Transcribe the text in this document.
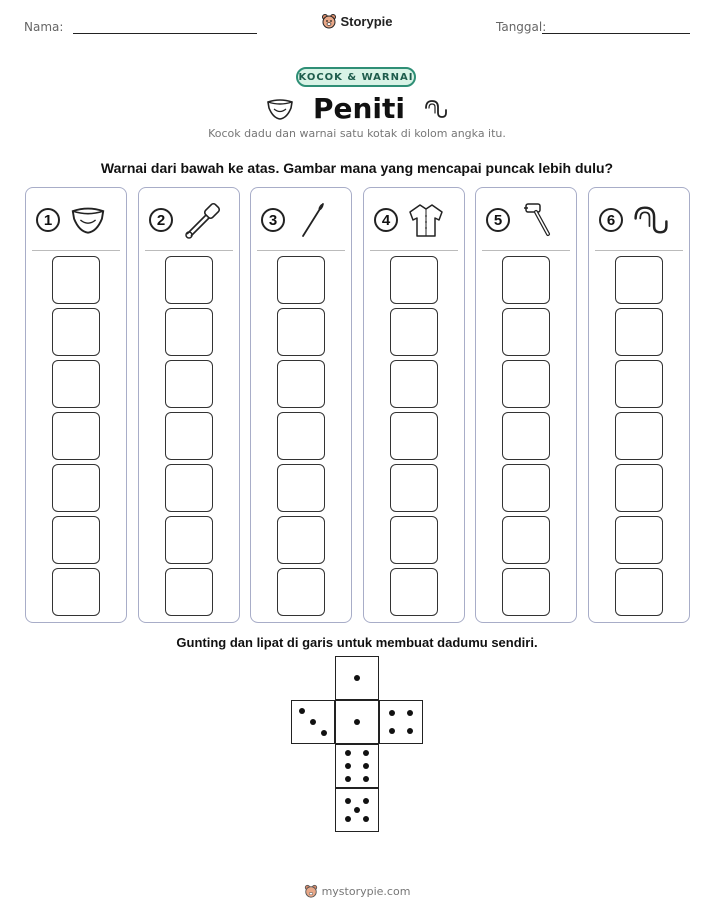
Nama:	Storypie	Tanggal:
KOCOK & WARNAI
Peniti
Kocok dadu dan warnai satu kotak di kolom angka itu.
Warnai dari bawah ke atas. Gambar mana yang mencapai puncak lebih dulu?
1	2	3	4	5	6
Gunting dan lipat di garis untuk membuat dadumu sendiri.
mystorypie.com
